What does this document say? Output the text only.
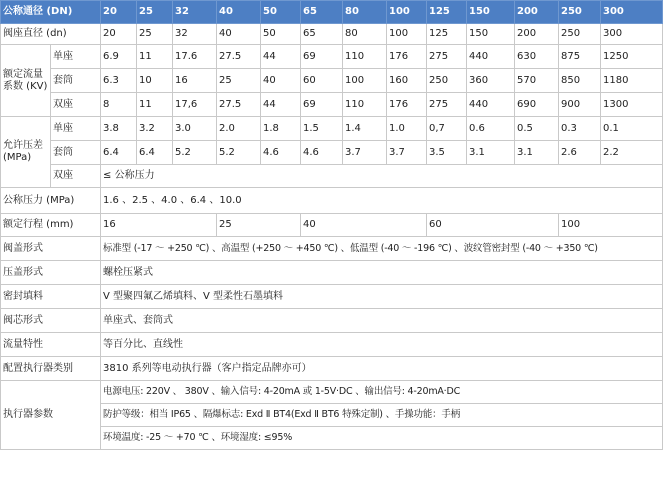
公称通径 (DN)		20	25	32	40	50	65	80	100	125	150	200	250	300
阀座直径 (dn)		20	25	32	40	50	65	80	100	125	150	200	250	300
额定流量系数 (KV)	单座	6.9	11	17.6	27.5	44	69	110	176	275	440	630	875	1250
	套筒	6.3	10	16	25	40	60	100	160	250	360	570	850	1180
	双座	8	11	17,6	27.5	44	69	110	176	275	440	690	900	1300
允许压差 (MPa)	单座	3.8	3.2	3.0	2.0	1.8	1.5	1.4	1.0	0,7	0.6	0.5	0.3	0.1
	套筒	6.4	6.4	5.2	5.2	4.6	4.6	3.7	3.7	3.5	3.1	3.1	2.6	2.2
	双座	≤ 公称压力												
公称压力 (MPa)		1.6 、2.5 、4.0 、6.4 、10.0												
额定行程 (mm)		16			25		40			60			100	
阀盖形式		标准型 (-17 ～ +250 ℃) 、高温型 (+250 ～ +450 ℃) 、低温型 (-40 ～ -196 ℃) 、波纹管密封型 (-40 ～ +350 ℃)												
压盖形式		螺栓压紧式												
密封填料		V 型聚四氟乙烯填料、V 型柔性石墨填料												
阀芯形式		单座式、套筒式												
流量特性		等百分比、直线性												
配置执行器类别		3810 系列等电动执行器（客户指定品牌亦可）												
执行器参数		电源电压: 220V 、 380V 、输入信号: 4-20mA 或 1-5V·DC 、输出信号: 4-20mA·DC												
		防护等级：相当 IP65 、隔爆标志: Exd Ⅱ BT4(Exd Ⅱ BT6 特殊定制) 、手操功能：手柄												
		环境温度: -25 ～ +70 ℃ 、环境湿度: ≤95%												
